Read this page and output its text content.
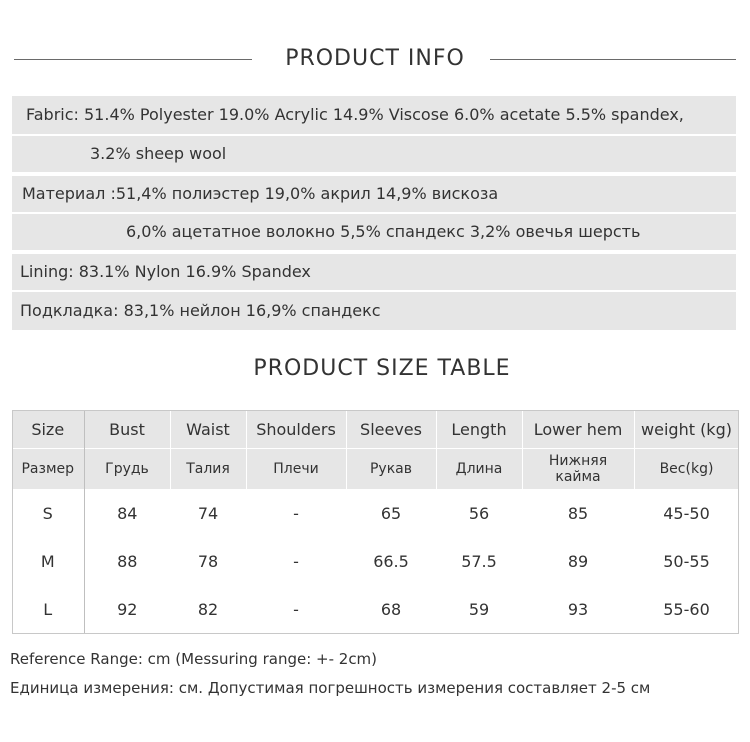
PRODUCT INFO
Fabric: 51.4% Polyester 19.0% Acrylic 14.9% Viscose 6.0% acetate 5.5% spandex,
3.2% sheep wool
Материал :51,4% полиэстер 19,0% акрил 14,9% вискоза
6,0% ацетатное волокно 5,5% спандекс 3,2% овечья шерсть
Lining: 83.1% Nylon 16.9% Spandex
Подкладка: 83,1% нейлон 16,9% спандекс
PRODUCT SIZE TABLE
Size	Bust	Waist	Shoulders	Sleeves	Length	Lower hem	weight (kg)
Размер	Грудь	Талия	Плечи	Рукав	Длина	Нижняя кайма	Вес(kg)
S	84	74	-	65	56	85	45-50
M	88	78	-	66.5	57.5	89	50-55
L	92	82	-	68	59	93	55-60
Reference Range: cm (Messuring range: +- 2cm)
Единица измерения: см. Допустимая погрешность измерения составляет 2-5 см
